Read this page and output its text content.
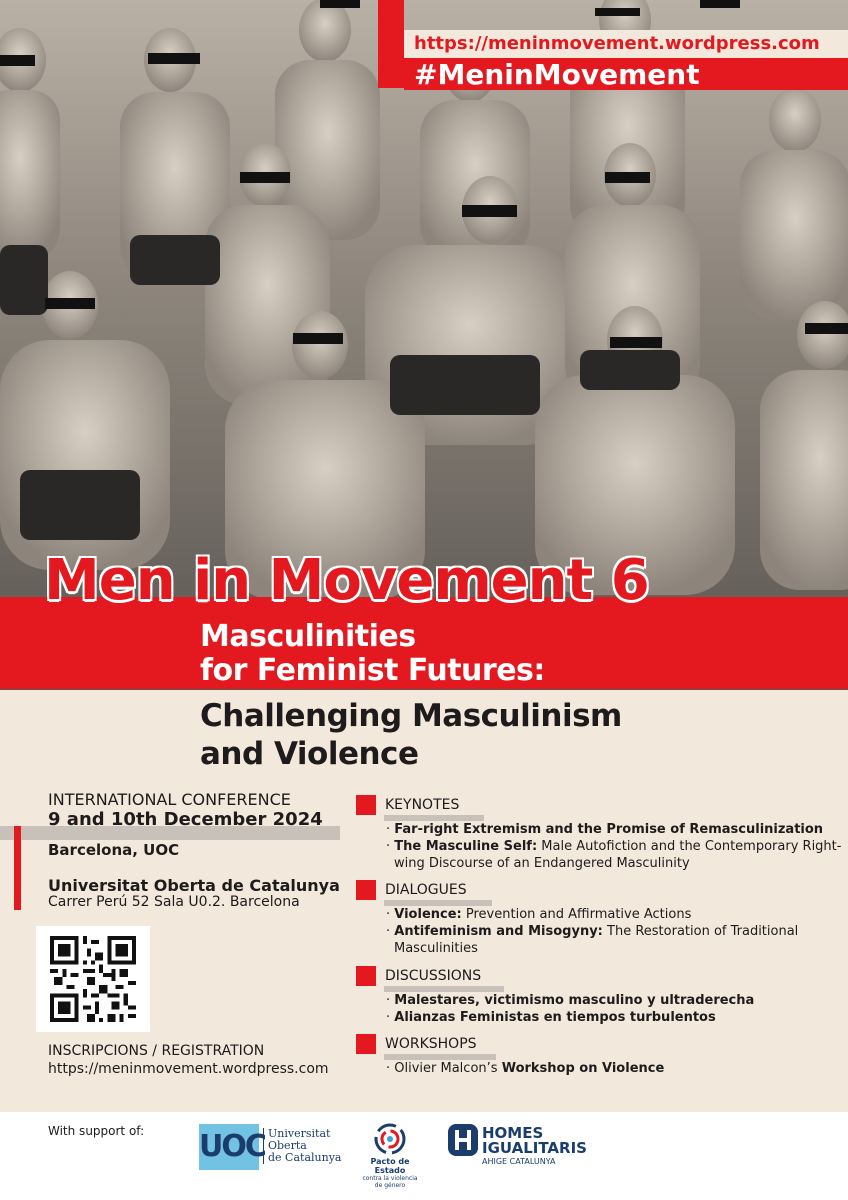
https://meninmovement.wordpress.com
#MeninMovement
Men in Movement 6
Masculinities
for Feminist Futures:
Challenging Masculinism
and Violence
INTERNATIONAL CONFERENCE
9 and 10th December 2024
Barcelona, UOC
Universitat Oberta de Catalunya
Carrer Perú 52 Sala U0.2. Barcelona
INSCRIPCIONS / REGISTRATION
https://meninmovement.wordpress.com
KEYNOTES
· Far-right Extremism and the Promise of Remasculinization
· The Masculine Self: Male Autofiction and the Contemporary Right-wing Discourse of an Endangered Masculinity
DIALOGUES
· Violence: Prevention and Affirmative Actions
· Antifeminism and Misogyny: The Restoration of Traditional Masculinities
DISCUSSIONS
· Malestares, victimismo masculino y ultraderecha
· Alianzas Feministas en tiempos turbulentos
WORKSHOPS
· Olivier Malcon’s Workshop on Violence
With support of: UOC Universitat
Oberta
de Catalunya	Pacto de Estado
contra la violencia de género
HOMES
IGUALITARIS
AHIGE CATALUNYA
